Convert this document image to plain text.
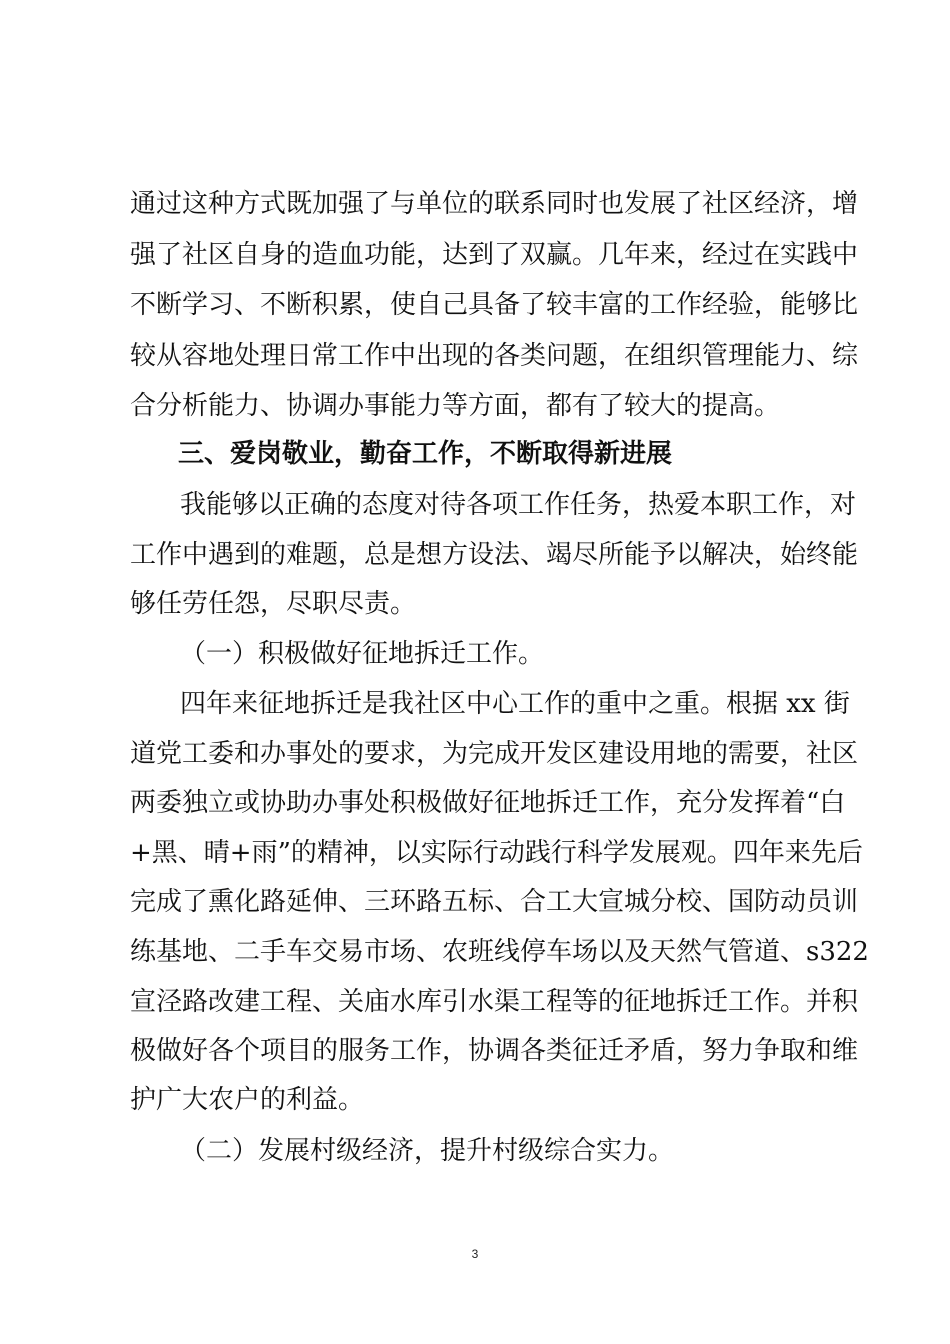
通过这种方式既加强了与单位的联系同时也发展了社区经济，增
强了社区自身的造血功能，达到了双赢。几年来，经过在实践中
不断学习、不断积累，使自己具备了较丰富的工作经验，能够比
较从容地处理日常工作中出现的各类问题，在组织管理能力、综
合分析能力、协调办事能力等方面，都有了较大的提高。
三、爱岗敬业，勤奋工作，不断取得新进展
我能够以正确的态度对待各项工作任务，热爱本职工作，对
工作中遇到的难题，总是想方设法、竭尽所能予以解决，始终能
够任劳任怨，尽职尽责。
（一）积极做好征地拆迁工作。
四年来征地拆迁是我社区中心工作的重中之重。根据 xx 街
道党工委和办事处的要求，为完成开发区建设用地的需要，社区
两委独立或协助办事处积极做好征地拆迁工作，充分发挥着“白
+黑、晴+雨”的精神，以实际行动践行科学发展观。四年来先后
完成了熏化路延伸、三环路五标、合工大宣城分校、国防动员训
练基地、二手车交易市场、农班线停车场以及天然气管道、s322
宣泾路改建工程、关庙水库引水渠工程等的征地拆迁工作。并积
极做好各个项目的服务工作，协调各类征迁矛盾，努力争取和维
护广大农户的利益。
（二）发展村级经济，提升村级综合实力。
3
